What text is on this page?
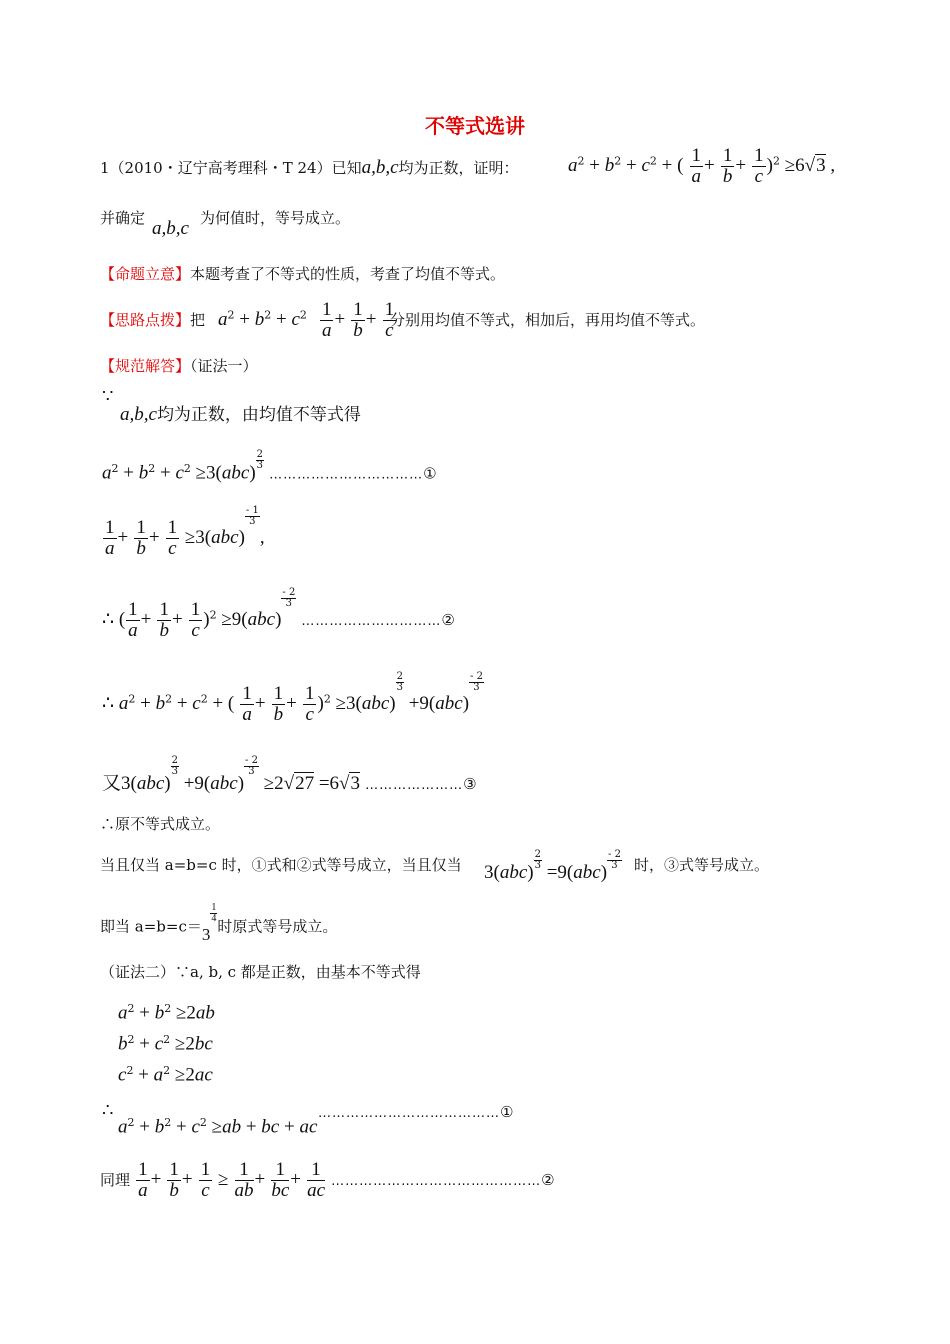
不等式选讲
1（2010・辽宁高考理科・T 24）已知a,b,c均为正数，证明：	$a^2 + b^2 + c^2$ + ( $\frac{1}{a} + \frac{1}{b} + \frac{1}{c} )^2 \ge 6√3$ ,
并确定 a,b,c 为何值时，等号成立。
【命题立意】本题考查了不等式的性质，考查了均值不等式。
【思路点拨】把 $a^2 + b^2 + c^2 \frac{1}{a} + \frac{1}{b} + \frac{1}{c}$
分别用均值不等式，相加后，再用均值不等式。
【规范解答】（证法一）
∵
a,b,c均为正数，由均值不等式得
$a^2 + b^2 + c^2 \ge 3(abc)$
$\frac{2}{3}$
……………………………①
$\frac{1}{a} + \frac{1}{b} + \frac{1}{c} \ge 3(abc)$
$\frac{- 1}{3}$
,
∴ ( $\frac{1}{a} + \frac{1}{b} + \frac{1}{c} )^2 \ge 9(abc)$
$\frac{- 2}{3}$
…………………………②
∴ $a^2 + b^2 + c^2$ + ( $\frac{1}{a} + \frac{1}{b} + \frac{1}{c} )^2 \ge 3(abc)$
$\frac{2}{3}$
+9(abc)
$\frac{- 2}{3}$
又3(abc)
$\frac{2}{3}$
+9(abc)
$\frac{- 2}{3}$
≥2√27 =6√3 …………………③
∴原不等式成立。
当且仅当 a=b=c 时，①式和②式等号成立，当且仅当 3(abc)
$\frac{2}{3}$
=9(abc)
$\frac{- 2}{3}$ 时，③式等号成立。
即当 a=b=c＝3
$^{\frac{1}{4}}$
时原式等号成立。
（证法二）∵a, b, c 都是正数，由基本不等式得
$a^2 + b^2 \ge 2ab$
$b^2 + c^2 \ge 2bc$
$c^2 + a^2 \ge 2ac$
∴
$a^2 + b^2 + c^2 \ge ab$ + bc + ac
…………………………………①
同理 $\frac{1}{a} + \frac{1}{b} + \frac{1}{c} \ge \frac{1}{ab} + \frac{1}{bc} + \frac{1}{ac}$ ………………………………………②
